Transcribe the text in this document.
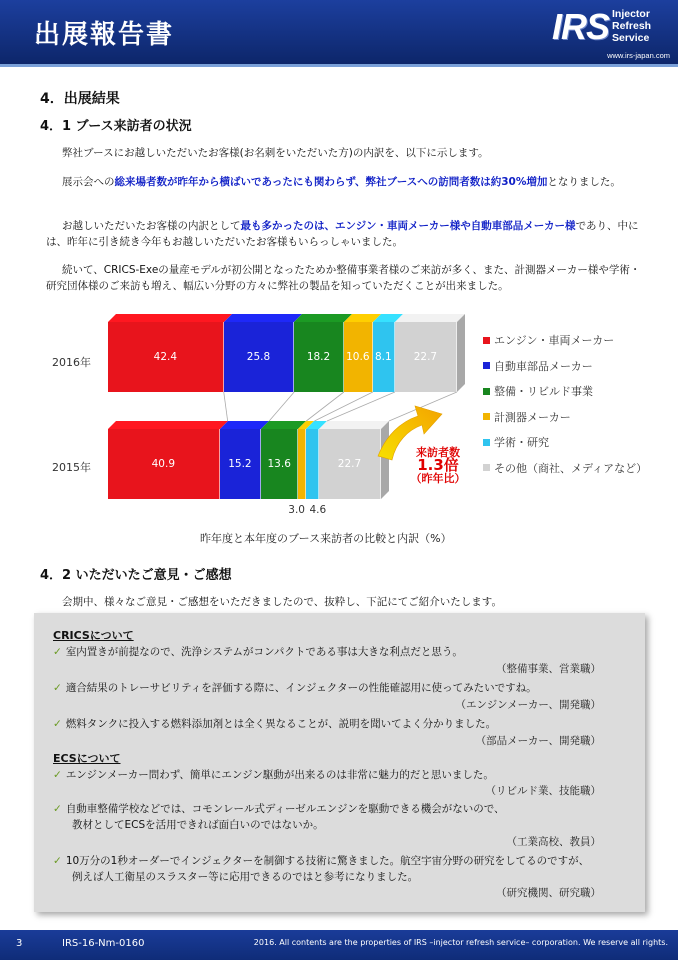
出展報告書	IRS Injector
Refresh
Service
www.irs-japan.com
4．出展結果
4．1 ブース来訪者の状況
弊社ブースにお越しいただいたお客様(お名刺をいただいた方)の内訳を、以下に示します。
展示会への総来場者数が昨年から横ばいであったにも関わらず、弊社ブースへの訪問者数は約30%増加となりました。
お越しいただいたお客様の内訳として最も多かったのは、エンジン・車両メーカー様や自動車部品メーカー様であり、中には、昨年に引き続き今年もお越しいただいたお客様もいらっしゃいました。
続いて、CRICS-Exeの量産モデルが初公開となったためか整備事業者様のご来訪が多く、また、計測器メーカー様や学術・研究団体様のご来訪も増え、幅広い分野の方々に弊社の製品を知っていただくことが出来ました。
2016年
2015年
42.4	25.8	18.2	10.6 8.1	22.7
40.9	15.2	13.6	22.7
3.0 4.6
来訪者数
1.3倍
（昨年比）
エンジン・車両メーカー
自動車部品メーカー
整備・リビルド事業
計測器メーカー
学術・研究
その他（商社、メディアなど）
昨年度と本年度のブース来訪者の比較と内訳（%）
4．2 いただいたご意見・ご感想
会期中、様々なご意見・ご感想をいただきましたので、抜粋し、下記にてご紹介いたします。
CRICSについて
✓ 室内置きが前提なので、洗浄システムがコンパクトである事は大きな利点だと思う。
（整備事業、営業職）
✓ 適合結果のトレーサビリティを評価する際に、インジェクターの性能確認用に使ってみたいですね。
（エンジンメーカー、開発職）
✓ 燃料タンクに投入する燃料添加剤とは全く異なることが、説明を聞いてよく分かりました。
（部品メーカー、開発職）
ECSについて
✓ エンジンメーカー問わず、簡単にエンジン駆動が出来るのは非常に魅力的だと思いました。
（リビルド業、技能職）
✓ 自動車整備学校などでは、コモンレール式ディーゼルエンジンを駆動できる機会がないので、
教材としてECSを活用できれば面白いのではないか。
（工業高校、教員）
✓ 10万分の1秒オーダーでインジェクターを制御する技術に驚きました。航空宇宙分野の研究をしてるのですが、
例えば人工衛星のスラスター等に応用できるのではと参考になりました。
（研究機関、研究職）
3	IRS-16-Nm-0160	2016. All contents are the properties of IRS –injector refresh service– corporation. We reserve all rights.
